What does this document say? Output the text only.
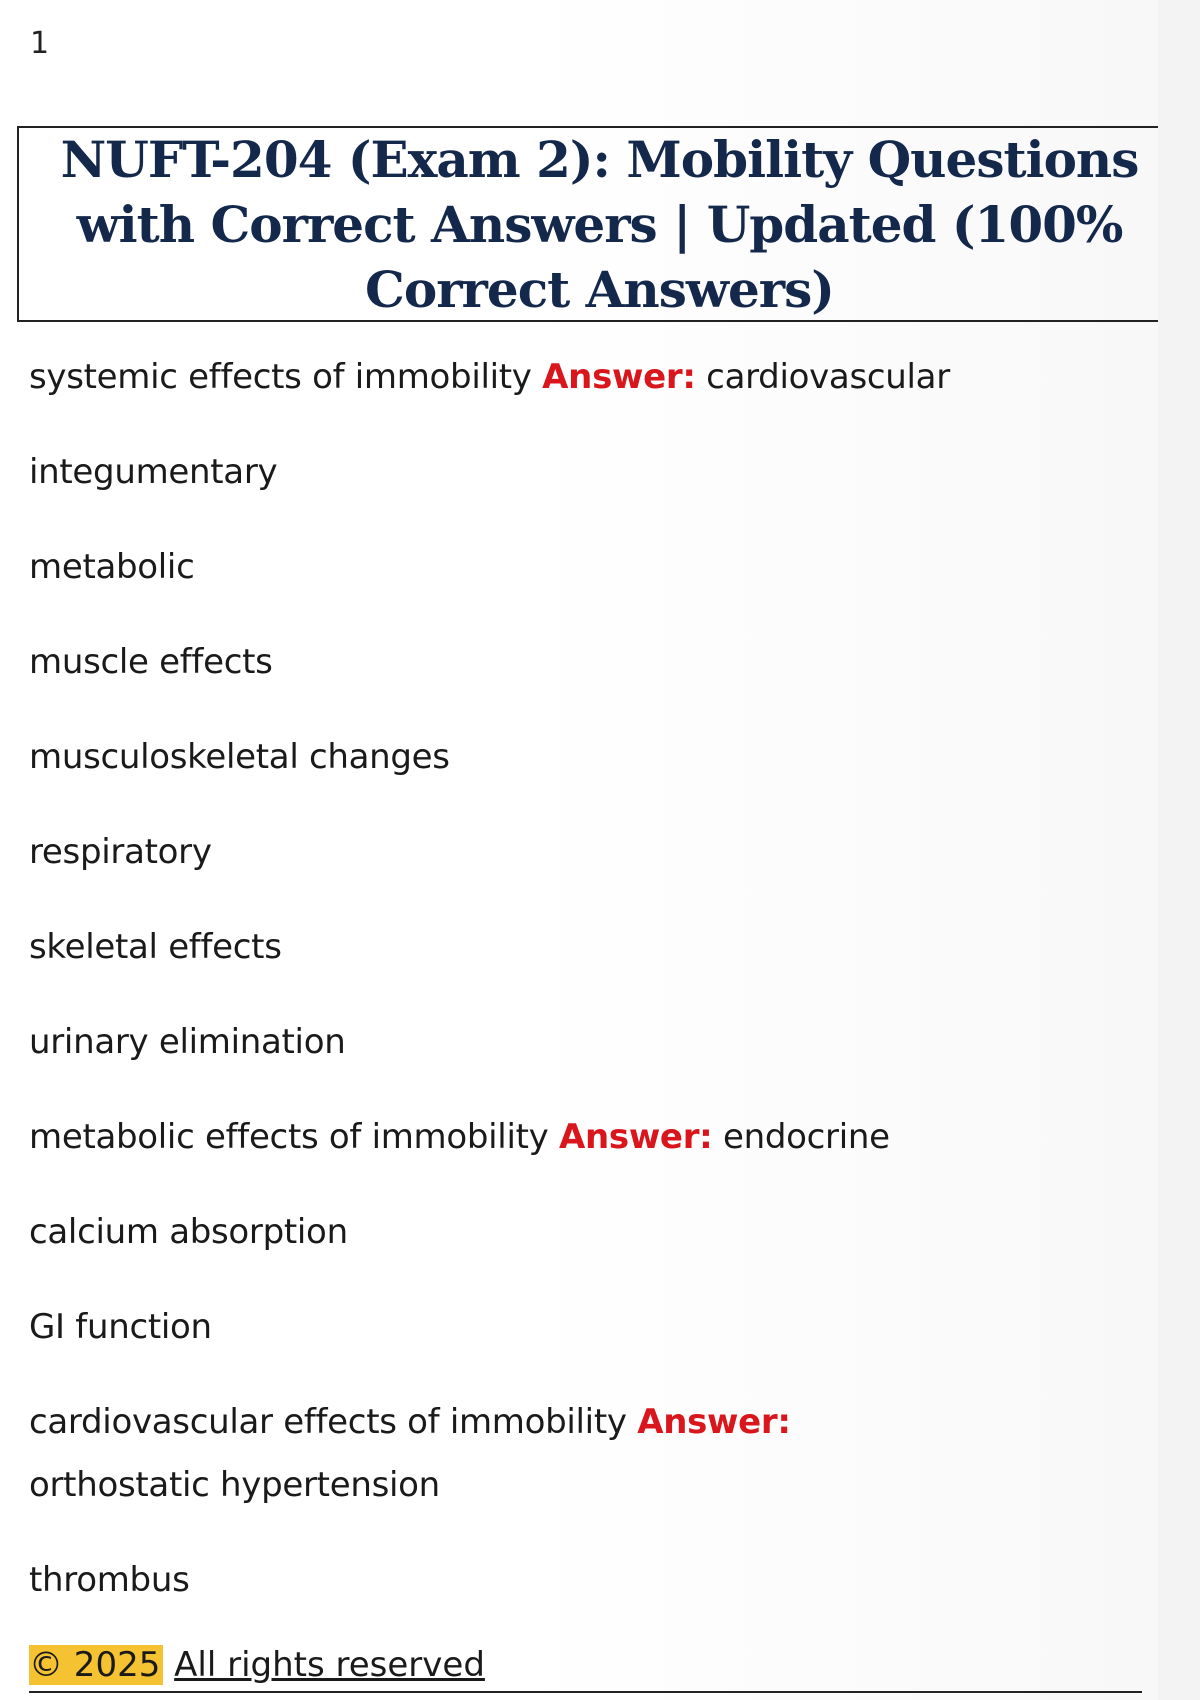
1
NUFT-204 (Exam 2): Mobility Questions with Correct Answers | Updated (100% Correct Answers)
systemic effects of immobility Answer: cardiovascular
integumentary
metabolic
muscle effects
musculoskeletal changes
respiratory
skeletal effects
urinary elimination
metabolic effects of immobility Answer: endocrine
calcium absorption
GI function
cardiovascular effects of immobility Answer: orthostatic hypertension
thrombus
© 2025 All rights reserved
